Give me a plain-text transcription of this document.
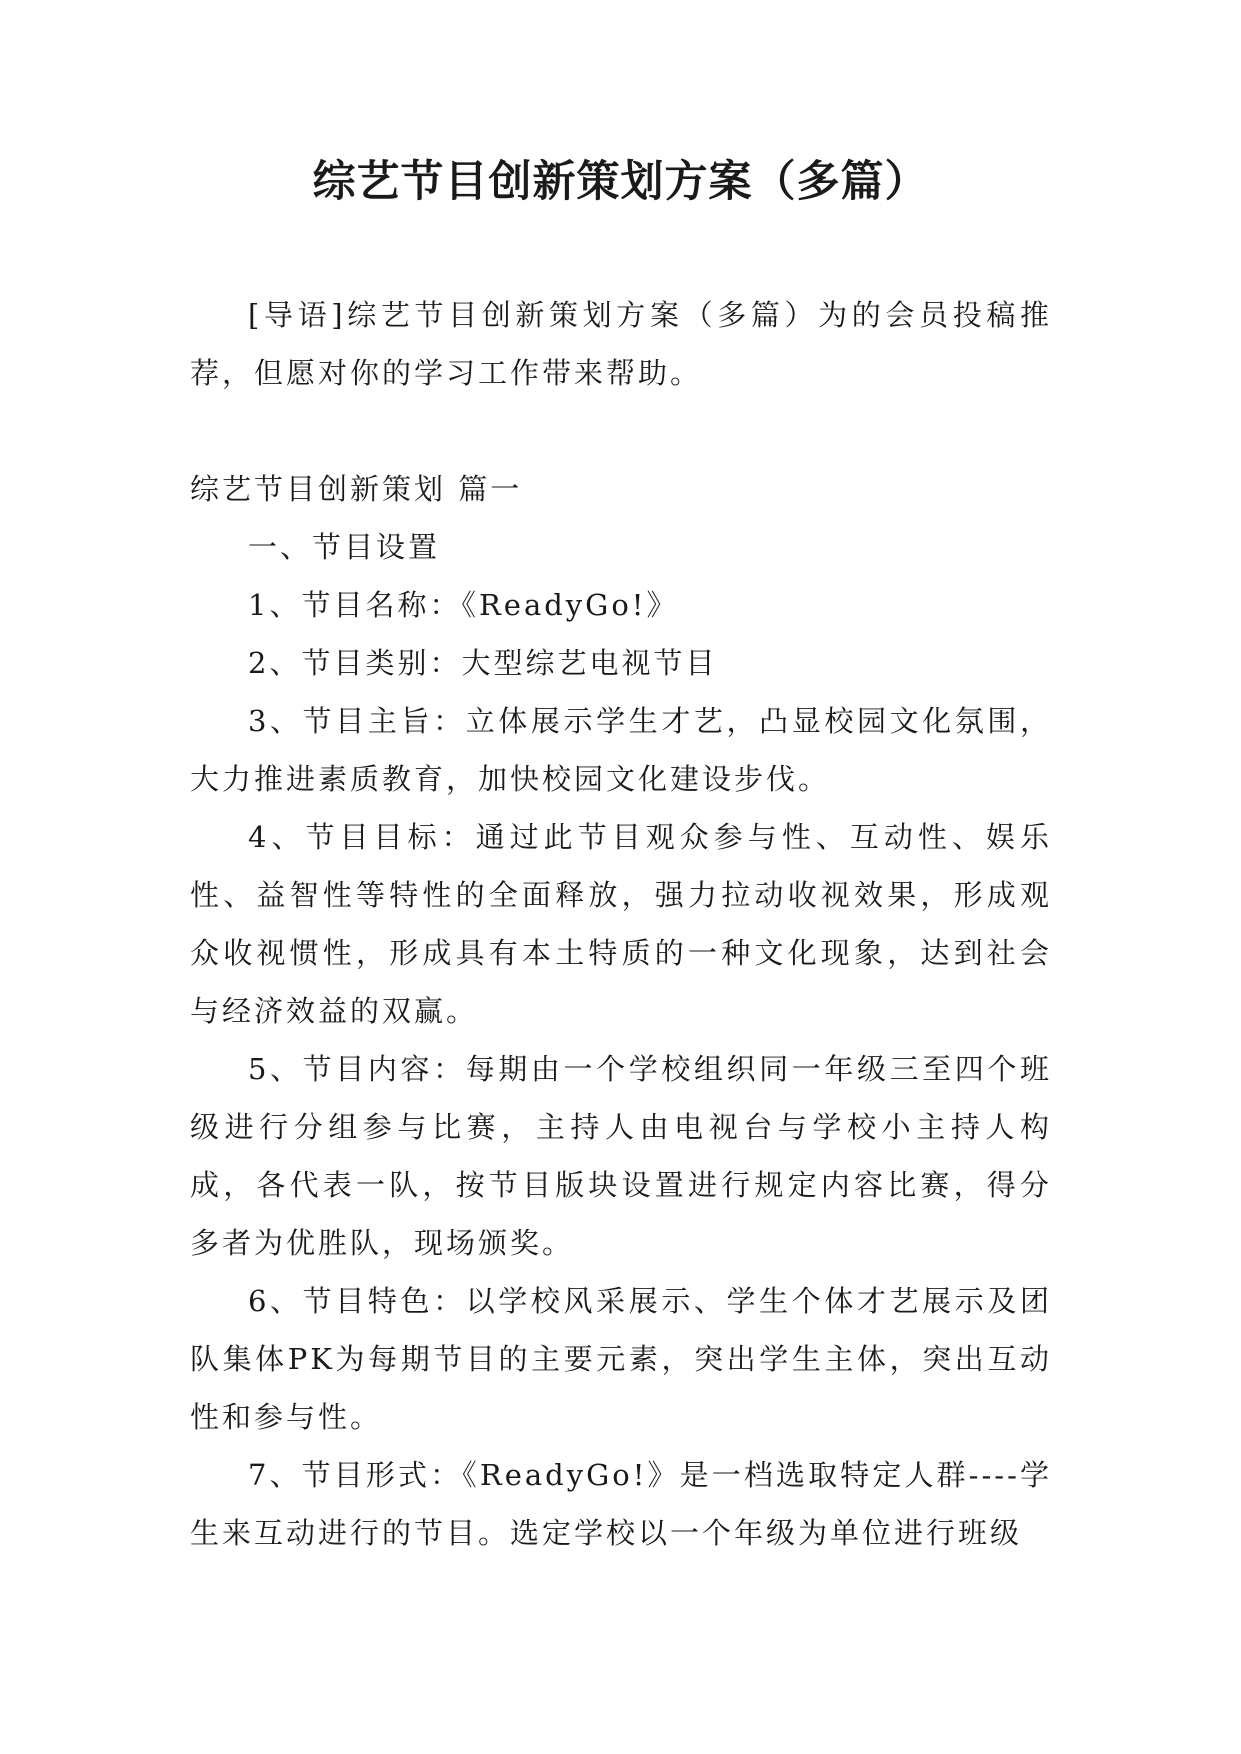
综艺节目创新策划方案（多篇）

[导语]综艺节目创新策划方案（多篇）为的会员投稿推荐，但愿对你的学习工作带来帮助。

综艺节目创新策划 篇一

一、节目设置

1、节目名称：《ReadyGo!》

2、节目类别：大型综艺电视节目

3、节目主旨：立体展示学生才艺，凸显校园文化氛围，大力推进素质教育，加快校园文化建设步伐。

4、节目目标：通过此节目观众参与性、互动性、娱乐性、益智性等特性的全面释放，强力拉动收视效果，形成观众收视惯性，形成具有本土特质的一种文化现象，达到社会与经济效益的双赢。

5、节目内容：每期由一个学校组织同一年级三至四个班级进行分组参与比赛，主持人由电视台与学校小主持人构成，各代表一队，按节目版块设置进行规定内容比赛，得分多者为优胜队，现场颁奖。

6、节目特色：以学校风采展示、学生个体才艺展示及团队集体PK为每期节目的主要元素，突出学生主体，突出互动性和参与性。

7、节目形式：《ReadyGo!》是一档选取特定人群----学生来互动进行的节目。选定学校以一个年级为单位进行班级
